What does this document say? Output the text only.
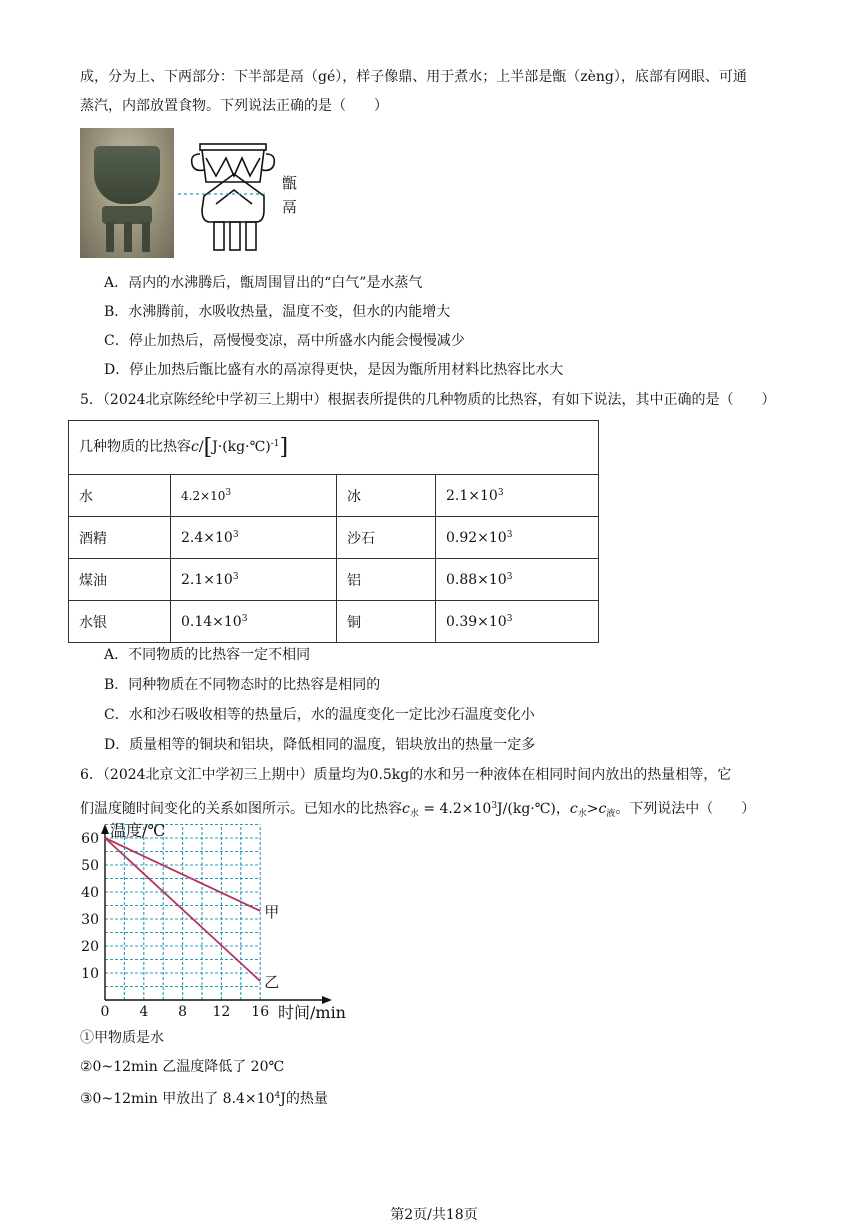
成，分为上、下两部分：下半部是鬲（gé），样子像鼎、用于煮水；上半部是甑（zèng），底部有网眼、可通
蒸汽，内部放置食物。下列说法正确的是（　　）
甑
鬲
A．鬲内的水沸腾后，甑周围冒出的“白气”是水蒸气
B．水沸腾前，水吸收热量，温度不变，但水的内能增大
C．停止加热后，鬲慢慢变凉，鬲中所盛水内能会慢慢减少
D．停止加热后甑比盛有水的鬲凉得更快，是因为甑所用材料比热容比水大
5．（2024北京陈经纶中学初三上期中）根据表所提供的几种物质的比热容，有如下说法，其中正确的是（　　）
几种物质的比热容c/[J·(kg·℃)$^{-1}$]			
水	$4.2\times 10^3$	冰	$2.1\times 10^3$
酒精	$2.4\times 10^3$	沙石	$0.92\times 10^3$
煤油	$2.1\times 10^3$	铝	$0.88\times 10^3$
水银	$0.14\times 10^3$	铜	$0.39\times 10^3$
A．不同物质的比热容一定不相同
B．同种物质在不同物态时的比热容是相同的
C．水和沙石吸收相等的热量后，水的温度变化一定比沙石温度变化小
D．质量相等的铜块和铝块，降低相同的温度，铝块放出的热量一定多
6．（2024北京文汇中学初三上期中）质量均为0.5kg的水和另一种液体在相同时间内放出的热量相等，它
们温度随时间变化的关系如图所示。已知水的比热容$c_水$ = $4.2\times 10^3J/(kg\cdot℃)$，$c_水>c_液$。下列说法中（　　）
10
20
30
40
50
60
0 4 8 12 16
温度/℃
时间/min
甲
乙
①甲物质是水
②0~12min 乙温度降低了 20℃
③0~12min 甲放出了 $8.4\times 10^4J$的热量
第2页/共18页
